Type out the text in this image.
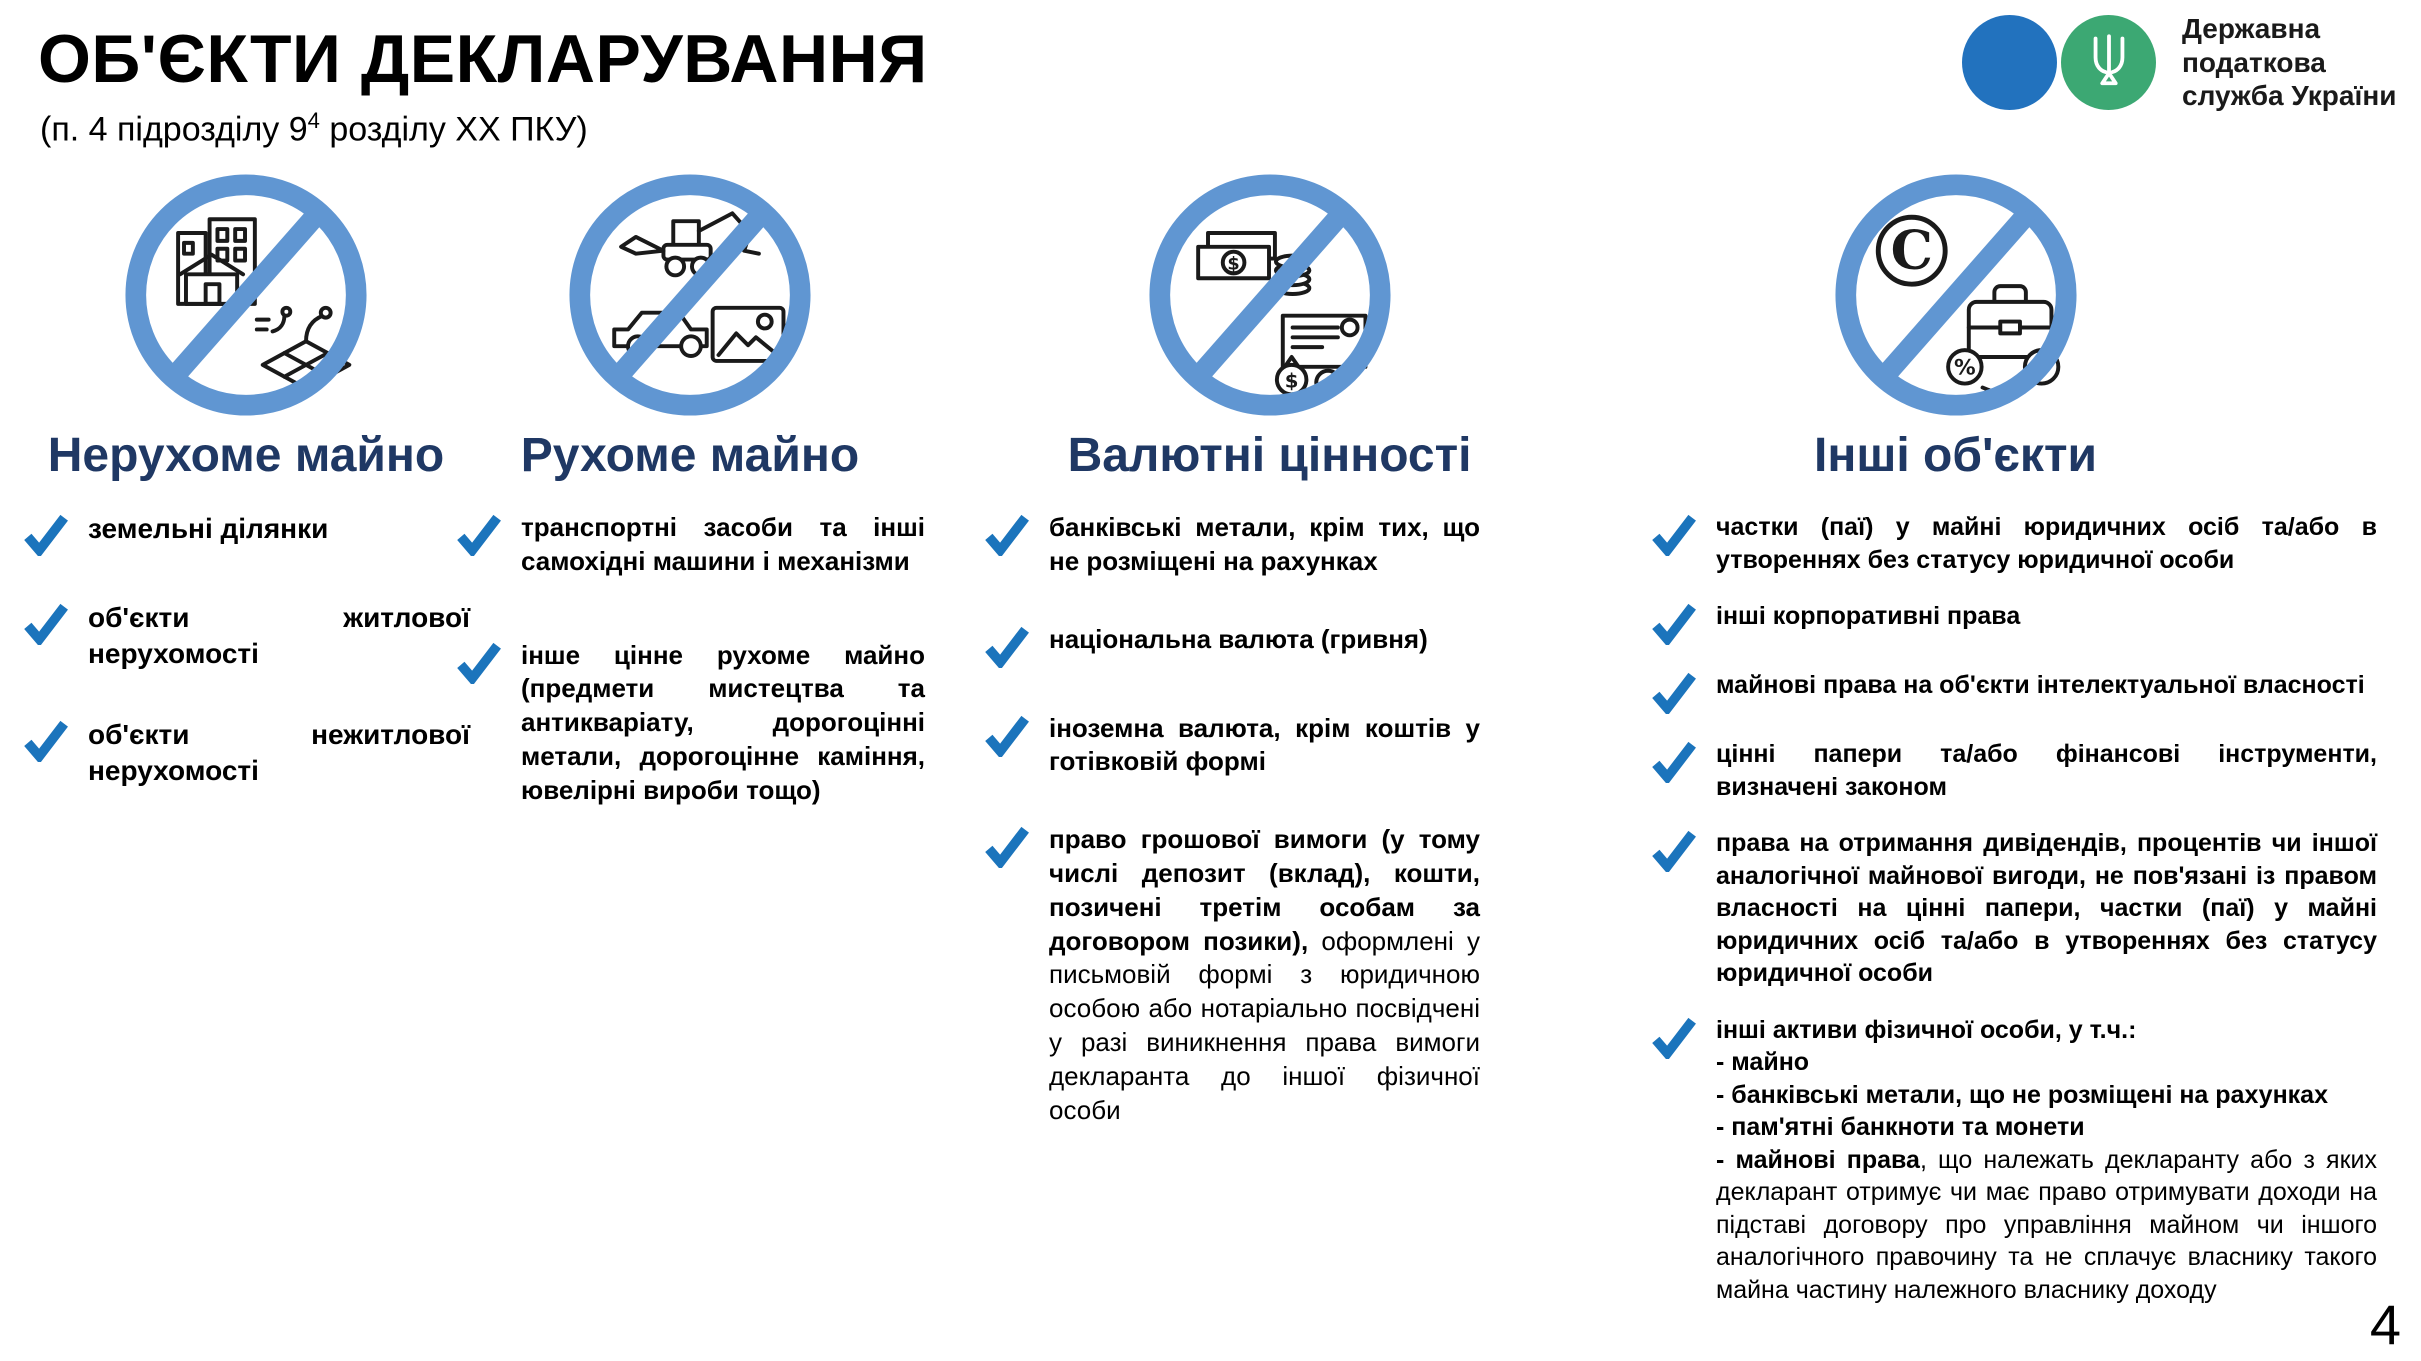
ОБ'ЄКТИ ДЕКЛАРУВАННЯ

(п. 4 підрозділу $9^4$ розділу ХХ ПКУ)

Державна
податкова
служба України
Нерухоме майно

земельні ділянки

об'єкти житлової нерухомості

об'єкти нежитлової нерухомості

Рухоме майно

транспортні засоби та інші самохідні машини і механізми

інше цінне рухоме майно (предмети мистецтва та антикваріату, дорогоцінні метали, дорогоцінне каміння, ювелірні вироби тощо)

$
$ $
Валютні цінності

банківські метали, крім тих, що не розміщені на рахунках

національна валюта (гривня)

іноземна валюта, крім коштів у готівковій формі

право грошової вимоги (у тому числі депозит (вклад), кошти, позичені третім особам за договором позики), оформлені у письмовій формі з юридичною особою або нотаріально посвідчені у разі виникнення права вимоги декларанта до іншої фізичної особи

C
%	$
Інші об'єкти

частки (паї) у майні юридичних осіб та/або в утвореннях без статусу юридичної особи

інші корпоративні права

майнові права на об'єкти інтелектуальної власності

цінні папери та/або фінансові інструменти, визначені законом

права на отримання дивідендів, процентів чи іншої аналогічної майнової вигоди, не пов'язані із правом власності на цінні папери, частки (паї) у майні юридичних осіб та/або в утвореннях без статусу юридичної особи

інші активи фізичної особи, у т.ч.:
- майно
- банківські метали, що не розміщені на рахунках
- пам'ятні банкноти та монети
- майнові права, що належать декларанту або з яких декларант отримує чи має право отримувати доходи на підставі договору про управління майном чи іншого аналогічного правочину та не сплачує власнику такого майна частину належного власнику доходу

4
